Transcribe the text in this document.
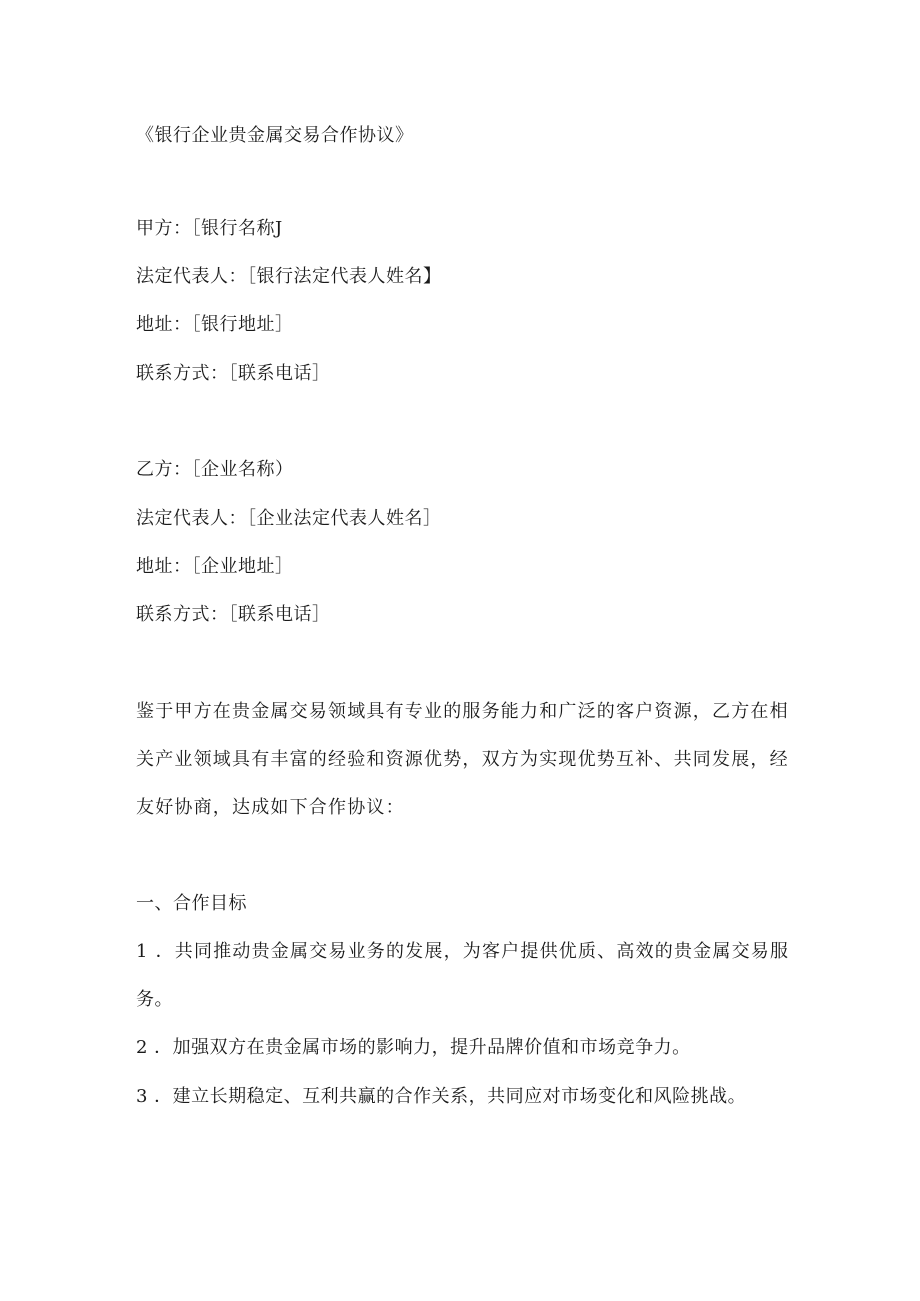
《银行企业贵金属交易合作协议》
甲方：［银行名称J
法定代表人：［银行法定代表人姓名】
地址：［银行地址］
联系方式：［联系电话］
乙方：［企业名称）
法定代表人：［企业法定代表人姓名］
地址：［企业地址］
联系方式：［联系电话］
鉴于甲方在贵金属交易领域具有专业的服务能力和广泛的客户资源，乙方在相
关产业领域具有丰富的经验和资源优势，双方为实现优势互补、共同发展，经
友好协商，达成如下合作协议：
一、合作目标
1 ．共同推动贵金属交易业务的发展，为客户提供优质、高效的贵金属交易服
务。
2 ．加强双方在贵金属市场的影响力，提升品牌价值和市场竞争力。
3 ．建立长期稳定、互利共赢的合作关系，共同应对市场变化和风险挑战。
